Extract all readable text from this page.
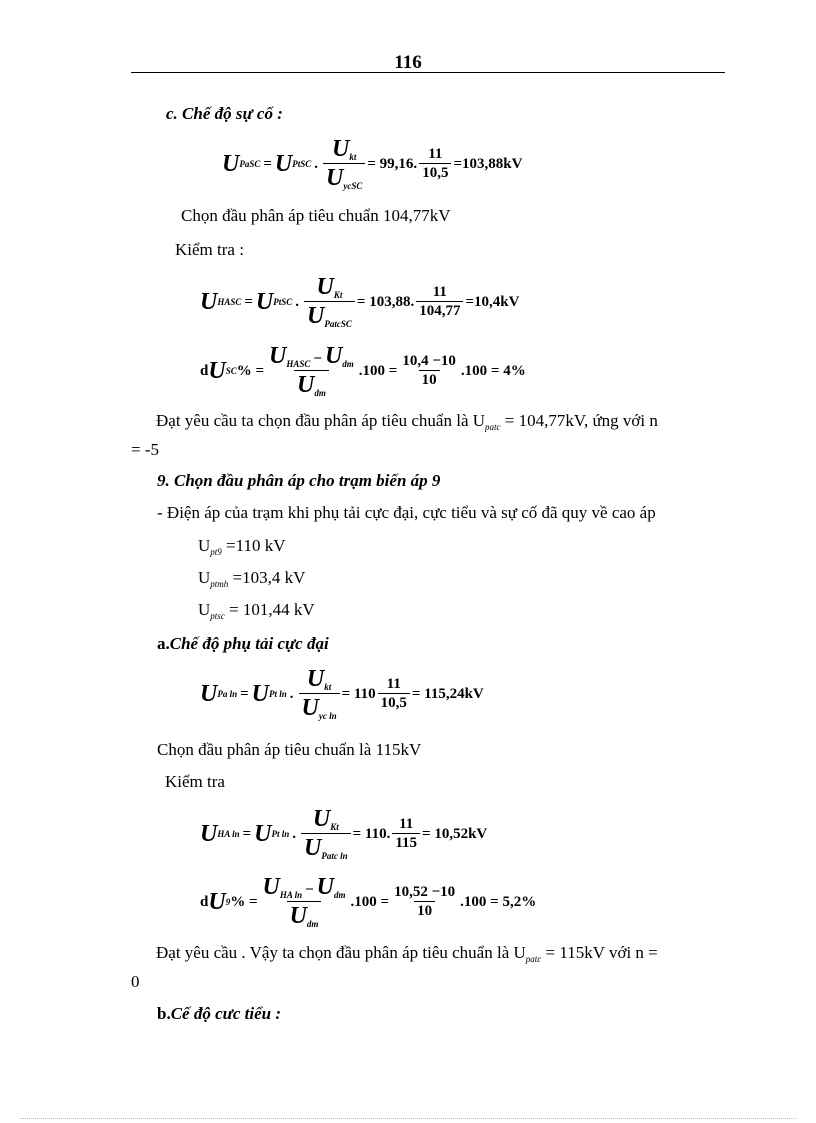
116
c. Chế độ sự cố :
U PaSC = U PtSC . $\frac{U_{kt}}{U_{ycSC}} = 99,16$. $\frac{11}{10,5} =103,88kV$
Chọn đầu phân áp tiêu chuẩn 104,77kV
Kiểm tra :
U HASC = U PtSC . $\frac{U_{Kt}}{U_{PatcSC}} = 103,88$. $\frac{11}{104,77} =10,4kV$
d U SC % = $\frac{U_{HASC} - U_{dm}}{U_{dm}} .100 = \frac{10,4 -10}{10} .100 = 4\%$
Đạt yêu cầu ta chọn đầu phân áp tiêu chuẩn là $U_{patc} = 104,77kV$, ứng với n
= -5
9. Chọn đầu phân áp cho trạm biến áp 9
- Điện áp của trạm khi phụ tải cực đại, cực tiểu và sự cố đã quy về cao áp
$U_{pt9} =110$ kV
$U_{ptmh} =103,4$ kV
$U_{ptsc} = 101,44$ kV
a.Chế độ phụ tải cực đại
U Pa ln = U Pt ln . $\frac{U_{kt}}{U_{yc ln}} = 110 \frac{11}{10,5} = 115,24kV$
Chọn đầu phân áp tiêu chuẩn là 115kV
Kiểm tra
U HA ln = U Pt ln . $\frac{U_{Kt}}{U_{Patc ln}} = 110$. $\frac{11}{115} = 10,52kV$
d U 9 % = $\frac{U_{HA ln} - U_{dm}}{U_{dm}} .100 = \frac{10,52 -10}{10} .100 = 5,2\%$
Đạt yêu cầu . Vậy ta chọn đầu phân áp tiêu chuẩn là $U_{patc} = 115kV$ với n =
0
b.Cế độ cưc tiểu :
